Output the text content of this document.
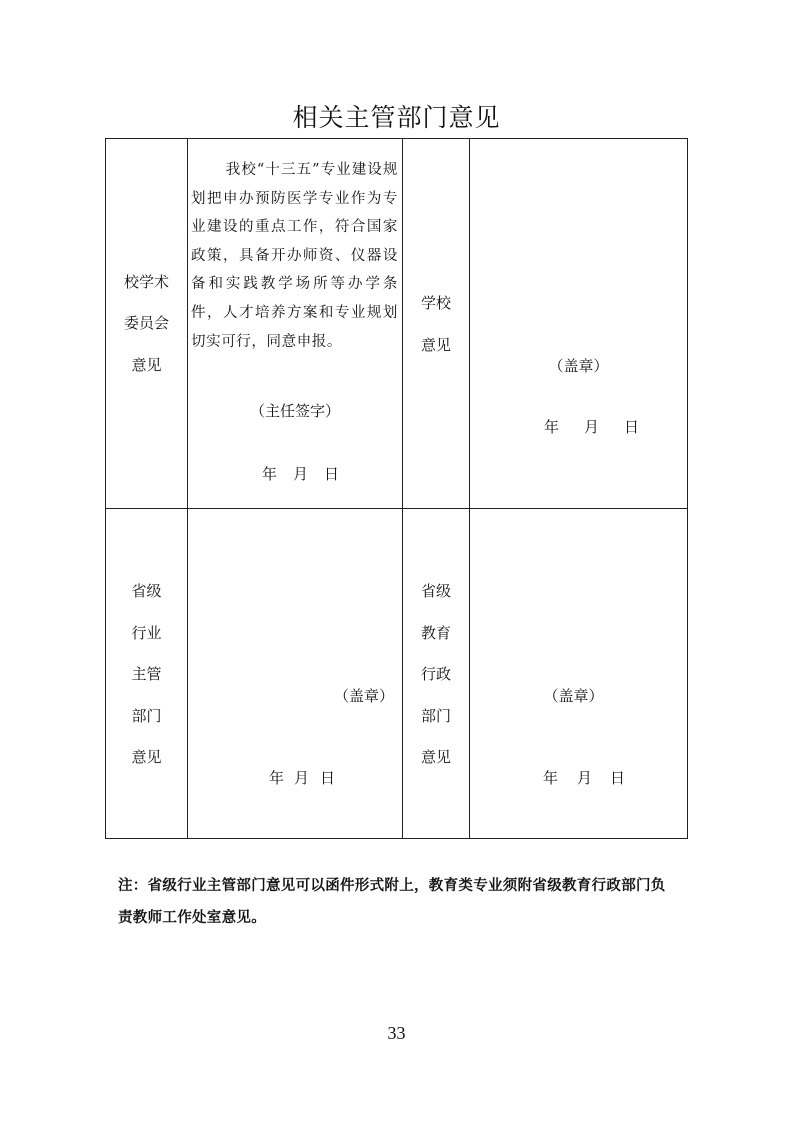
相关主管部门意见
校学术
委员会
意见
我校“十三五”专业建设规划把申办预防医学专业作为专业建设的重点工作，符合国家政策，具备开办师资、仪器设备和实践教学场所等办学条件，人才培养方案和专业规划切实可行，同意申报。
（主任签字）
年 月 日
学校
意见
（盖章）
年 月 日
省级
行业
主管
部门
意见
（盖章）
年 月 日
省级
教育
行政
部门
意见
（盖章）
年 月 日
注：省级行业主管部门意见可以函件形式附上，教育类专业须附省级教育行政部门负责教师工作处室意见。
33
